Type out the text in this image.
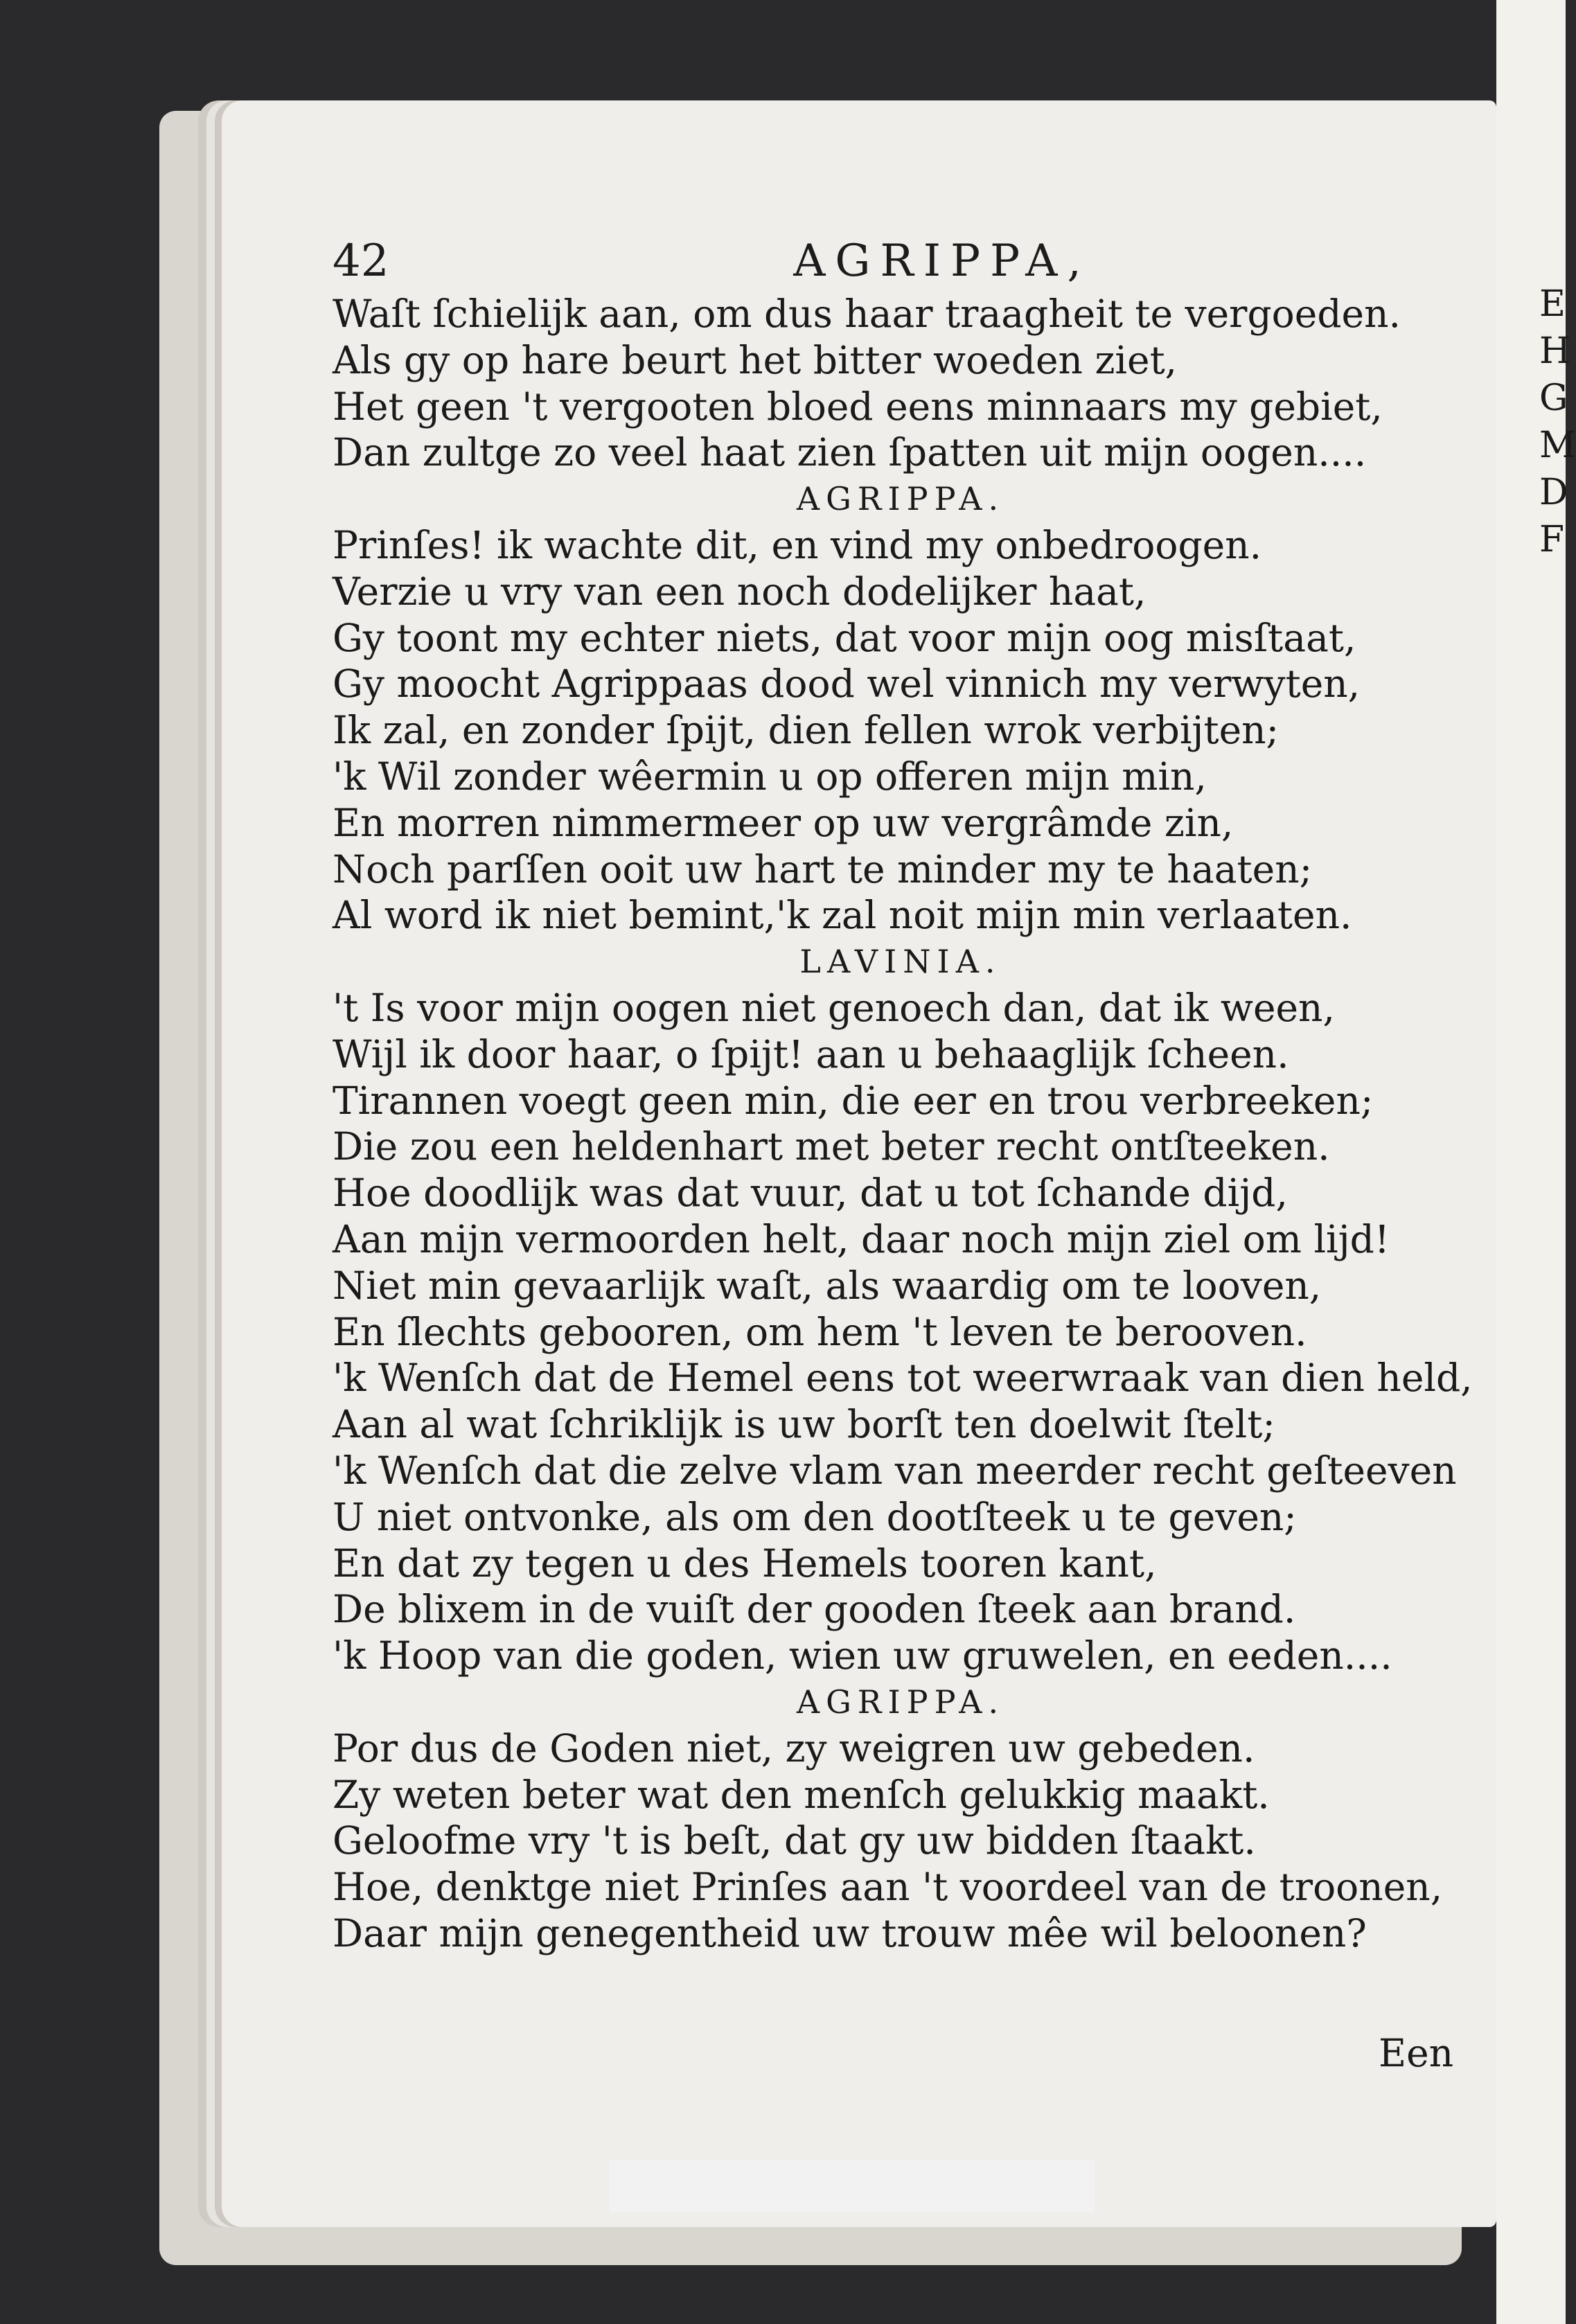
E
H
G
M
D
F
42	AGRIPPA,
Waſt ſchielijk aan, om dus haar traagheit te vergoeden.
Als gy op hare beurt het bitter woeden ziet,
Het geen 't vergooten bloed eens minnaars my gebiet,
Dan zultge zo veel haat zien ſpatten uit mijn oogen....
AGRIPPA.
Prinſes! ik wachte dit, en vind my onbedroogen.
Verzie u vry van een noch dodelijker haat,
Gy toont my echter niets, dat voor mijn oog misſtaat,
Gy moocht Agrippaas dood wel vinnich my verwyten,
Ik zal, en zonder ſpijt, dien fellen wrok verbijten;
'k Wil zonder wêermin u op offeren mijn min,
En morren nimmermeer op uw vergrâmde zin,
Noch parſſen ooit uw hart te minder my te haaten;
Al word ik niet bemint,'k zal noit mijn min verlaaten.
LAVINIA.
't Is voor mijn oogen niet genoech dan, dat ik ween,
Wijl ik door haar, o ſpijt! aan u behaaglijk ſcheen.
Tirannen voegt geen min, die eer en trou verbreeken;
Die zou een heldenhart met beter recht ontſteeken.
Hoe doodlijk was dat vuur, dat u tot ſchande dijd,
Aan mijn vermoorden helt, daar noch mijn ziel om lijd!
Niet min gevaarlijk waſt, als waardig om te looven,
En ſlechts gebooren, om hem 't leven te berooven.
'k Wenſch dat de Hemel eens tot weerwraak van dien held,
Aan al wat ſchriklijk is uw borſt ten doelwit ſtelt;
'k Wenſch dat die zelve vlam van meerder recht geſteeven
U niet ontvonke, als om den dootſteek u te geven;
En dat zy tegen u des Hemels tooren kant,
De blixem in de vuiſt der gooden ſteek aan brand.
'k Hoop van die goden, wien uw gruwelen, en eeden....
AGRIPPA.
Por dus de Goden niet, zy weigren uw gebeden.
Zy weten beter wat den menſch gelukkig maakt.
Geloofme vry 't is beſt, dat gy uw bidden ſtaakt.
Hoe, denktge niet Prinſes aan 't voordeel van de troonen,
Daar mijn genegentheid uw trouw mêe wil beloonen?
Een
